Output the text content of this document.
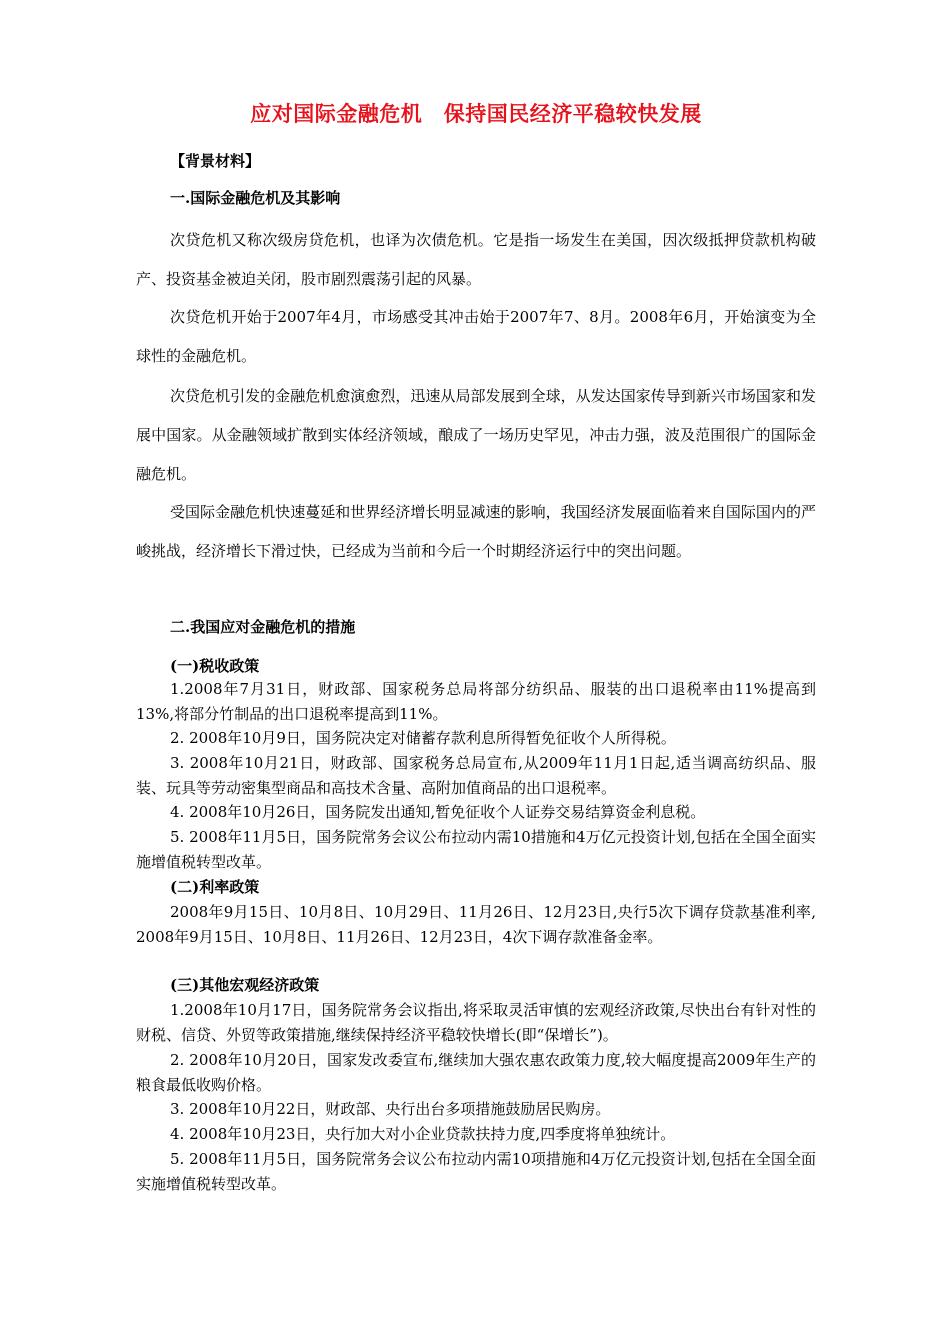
应对国际金融危机　保持国民经济平稳较快发展
【背景材料】
一.国际金融危机及其影响
次贷危机又称次级房贷危机，也译为次债危机。它是指一场发生在美国，因次级抵押贷款机构破产、投资基金被迫关闭，股市剧烈震荡引起的风暴。
次贷危机开始于2007年4月，市场感受其冲击始于2007年7、8月。2008年6月，开始演变为全球性的金融危机。
次贷危机引发的金融危机愈演愈烈，迅速从局部发展到全球，从发达国家传导到新兴市场国家和发展中国家。从金融领域扩散到实体经济领域，酿成了一场历史罕见，冲击力强，波及范围很广的国际金融危机。
受国际金融危机快速蔓延和世界经济增长明显减速的影响，我国经济发展面临着来自国际国内的严峻挑战，经济增长下滑过快，已经成为当前和今后一个时期经济运行中的突出问题。
二.我国应对金融危机的措施
(一)税收政策
1.2008年7月31日，财政部、国家税务总局将部分纺织品、服装的出口退税率由11%提高到13%,将部分竹制品的出口退税率提高到11%。
2. 2008年10月9日，国务院决定对储蓄存款利息所得暂免征收个人所得税。
3. 2008年10月21日，财政部、国家税务总局宣布,从2009年11月1日起,适当调高纺织品、服装、玩具等劳动密集型商品和高技术含量、高附加值商品的出口退税率。
4. 2008年10月26日，国务院发出通知,暂免征收个人证券交易结算资金利息税。
5. 2008年11月5日，国务院常务会议公布拉动内需10措施和4万亿元投资计划,包括在全国全面实施增值税转型改革。
(二)利率政策
2008年9月15日、10月8日、10月29日、11月26日、12月23日,央行5次下调存贷款基准利率, 2008年9月15日、10月8日、11月26日、12月23日，4次下调存款准备金率。
(三)其他宏观经济政策
1.2008年10月17日，国务院常务会议指出,将采取灵活审慎的宏观经济政策,尽快出台有针对性的财税、信贷、外贸等政策措施,继续保持经济平稳较快增长(即“保增长”)。
2. 2008年10月20日，国家发改委宣布,继续加大强农惠农政策力度,较大幅度提高2009年生产的粮食最低收购价格。
3. 2008年10月22日，财政部、央行出台多项措施鼓励居民购房。
4. 2008年10月23日，央行加大对小企业贷款扶持力度,四季度将单独统计。
5. 2008年11月5日，国务院常务会议公布拉动内需10项措施和4万亿元投资计划,包括在全国全面实施增值税转型改革。
